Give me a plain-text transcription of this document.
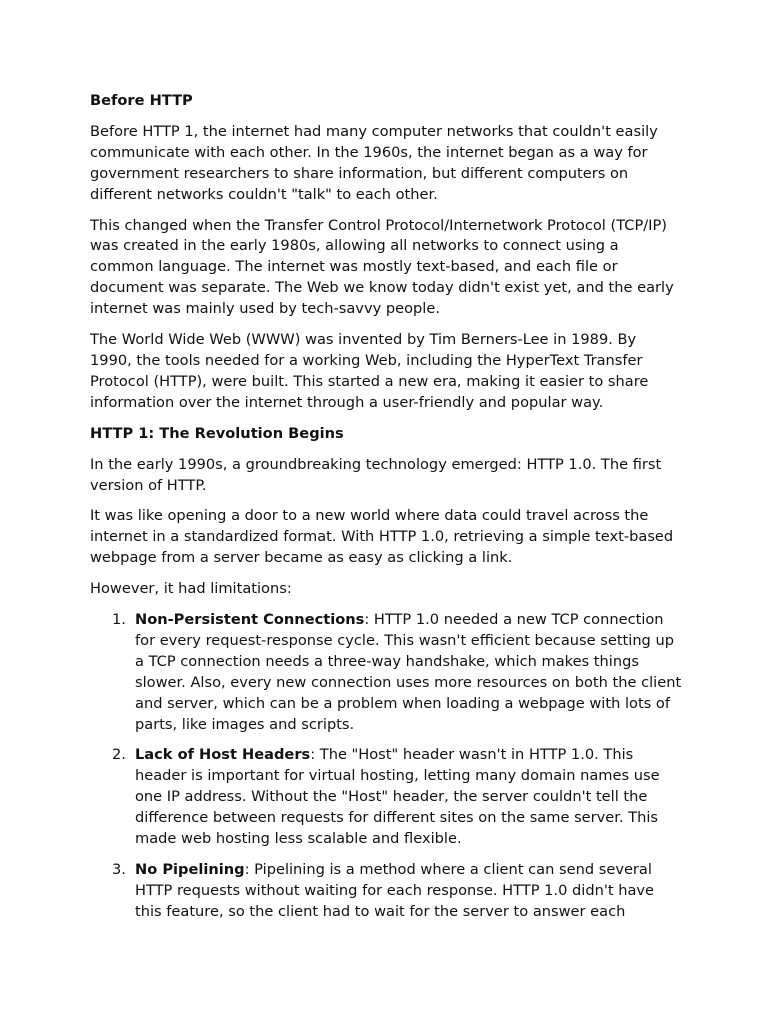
Before HTTP

Before HTTP 1, the internet had many computer networks that couldn't easily communicate with each other. In the 1960s, the internet began as a way for government researchers to share information, but different computers on different networks couldn't "talk" to each other.

This changed when the Transfer Control Protocol/Internetwork Protocol (TCP/IP) was created in the early 1980s, allowing all networks to connect using a common language. The internet was mostly text-based, and each file or document was separate. The Web we know today didn't exist yet, and the early internet was mainly used by tech-savvy people.

The World Wide Web (WWW) was invented by Tim Berners-Lee in 1989. By 1990, the tools needed for a working Web, including the HyperText Transfer Protocol (HTTP), were built. This started a new era, making it easier to share information over the internet through a user-friendly and popular way.

HTTP 1: The Revolution Begins

In the early 1990s, a groundbreaking technology emerged: HTTP 1.0. The first version of HTTP.

It was like opening a door to a new world where data could travel across the internet in a standardized format. With HTTP 1.0, retrieving a simple text-based webpage from a server became as easy as clicking a link.

However, it had limitations:

1. Non-Persistent Connections: HTTP 1.0 needed a new TCP connection for every request-response cycle. This wasn't efficient because setting up a TCP connection needs a three-way handshake, which makes things slower. Also, every new connection uses more resources on both the client and server, which can be a problem when loading a webpage with lots of parts, like images and scripts.
2. Lack of Host Headers: The "Host" header wasn't in HTTP 1.0. This header is important for virtual hosting, letting many domain names use one IP address. Without the "Host" header, the server couldn't tell the difference between requests for different sites on the same server. This made web hosting less scalable and flexible.
3. No Pipelining: Pipelining is a method where a client can send several HTTP requests without waiting for each response. HTTP 1.0 didn't have this feature, so the client had to wait for the server to answer each
